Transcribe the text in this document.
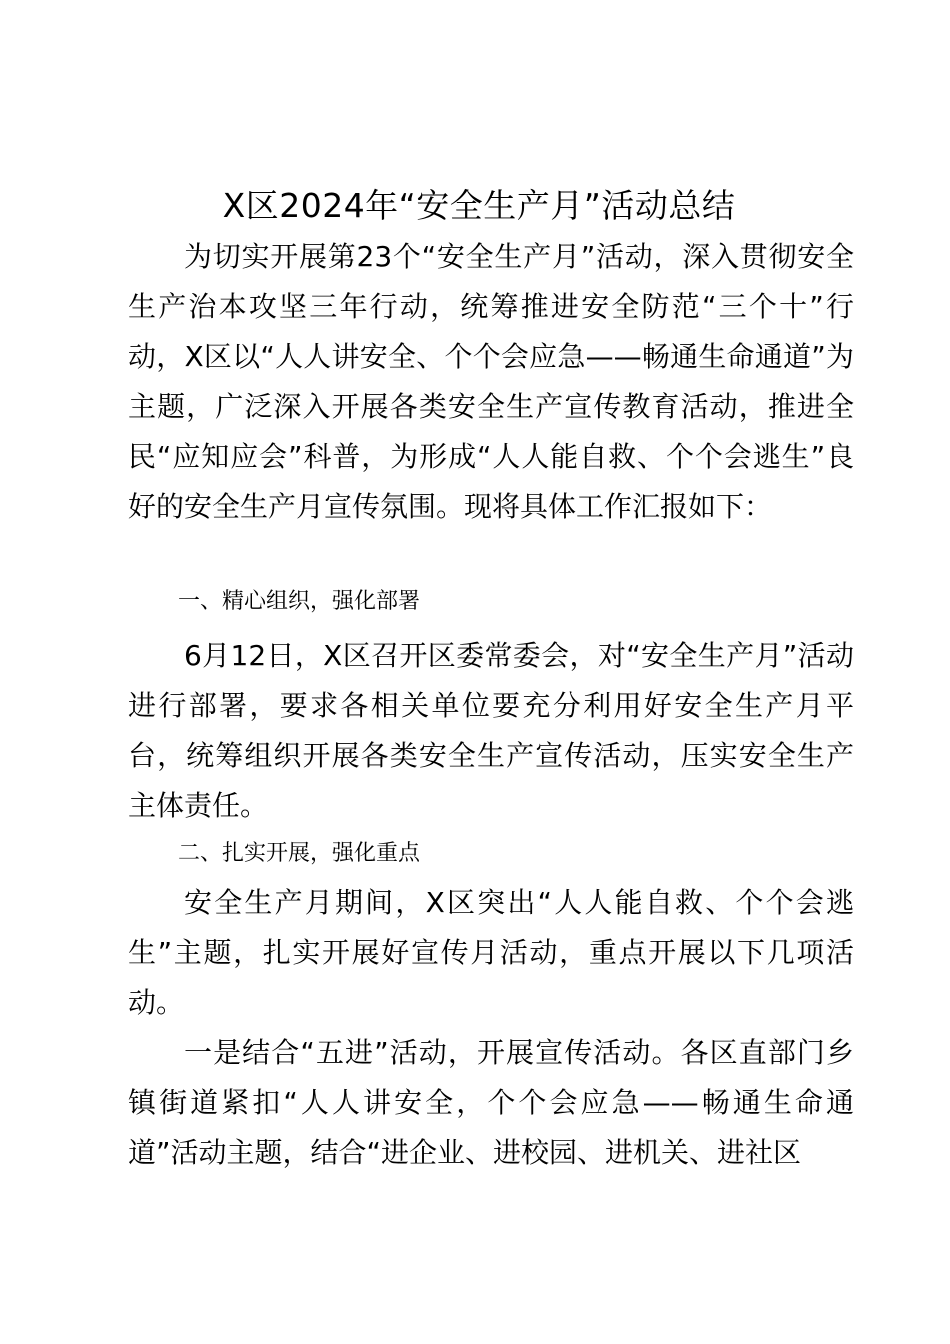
X区2024年“安全生产月”活动总结

为切实开展第23个“安全生产月”活动，深入贯彻安全生产治本攻坚三年行动，统筹推进安全防范“三个十”行动，X区以“人人讲安全、个个会应急——畅通生命通道”为主题，广泛深入开展各类安全生产宣传教育活动，推进全民“应知应会”科普，为形成“人人能自救、个个会逃生”良好的安全生产月宣传氛围。现将具体工作汇报如下：

一、精心组织，强化部署

6月12日，X区召开区委常委会，对“安全生产月”活动进行部署，要求各相关单位要充分利用好安全生产月平台，统筹组织开展各类安全生产宣传活动，压实安全生产主体责任。

二、扎实开展，强化重点

安全生产月期间，X区突出“人人能自救、个个会逃生”主题，扎实开展好宣传月活动，重点开展以下几项活动。

一是结合“五进”活动，开展宣传活动。各区直部门乡镇街道紧扣“人人讲安全，个个会应急——畅通生命通道”活动主题，结合“进企业、进校园、进机关、进社区
